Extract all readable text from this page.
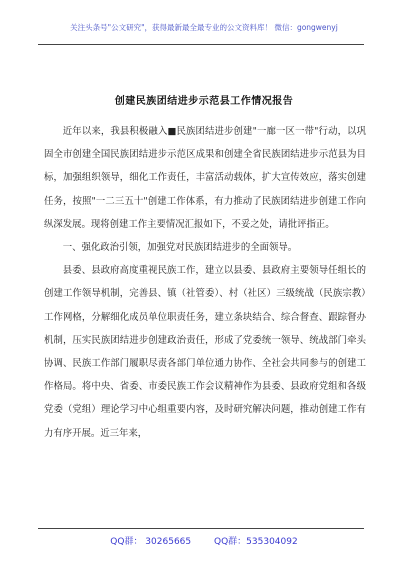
关注头条号"公文研究"，获得最新最全最专业的公文资料库！ 微信：gongwenyj
创建民族团结进步示范县工作情况报告

近年以来，我县积极融入■民族团结进步创建"一廊一区一带"行动，以巩固全市创建全国民族团结进步示范区成果和创建全省民族团结进步示范县为目标，加强组织领导，细化工作责任，丰富活动载体，扩大宣传效应，落实创建任务，按照"一二三五十"创建工作体系，有力推动了民族团结进步创建工作向纵深发展。现将创建工作主要情况汇报如下，不妥之处，请批评指正。

一、强化政治引领，加强党对民族团结进步的全面领导。

县委、县政府高度重视民族工作，建立以县委、县政府主要领导任组长的创建工作领导机制，完善县、镇（社管委）、村（社区）三级统战（民族宗教）工作网格，分解细化成员单位职责任务，建立条块结合、综合督查、跟踪督办机制，压实民族团结进步创建政治责任，形成了党委统一领导、统战部门牵头协调、民族工作部门履职尽责各部门单位通力协作、全社会共同参与的创建工作格局。将中央、省委、市委民族工作会议精神作为县委、县政府党组和各级党委（党组）理论学习中心组重要内容，及时研究解决问题，推动创建工作有力有序开展。近三年来，

QQ群： 30265665	QQ群：535304092
